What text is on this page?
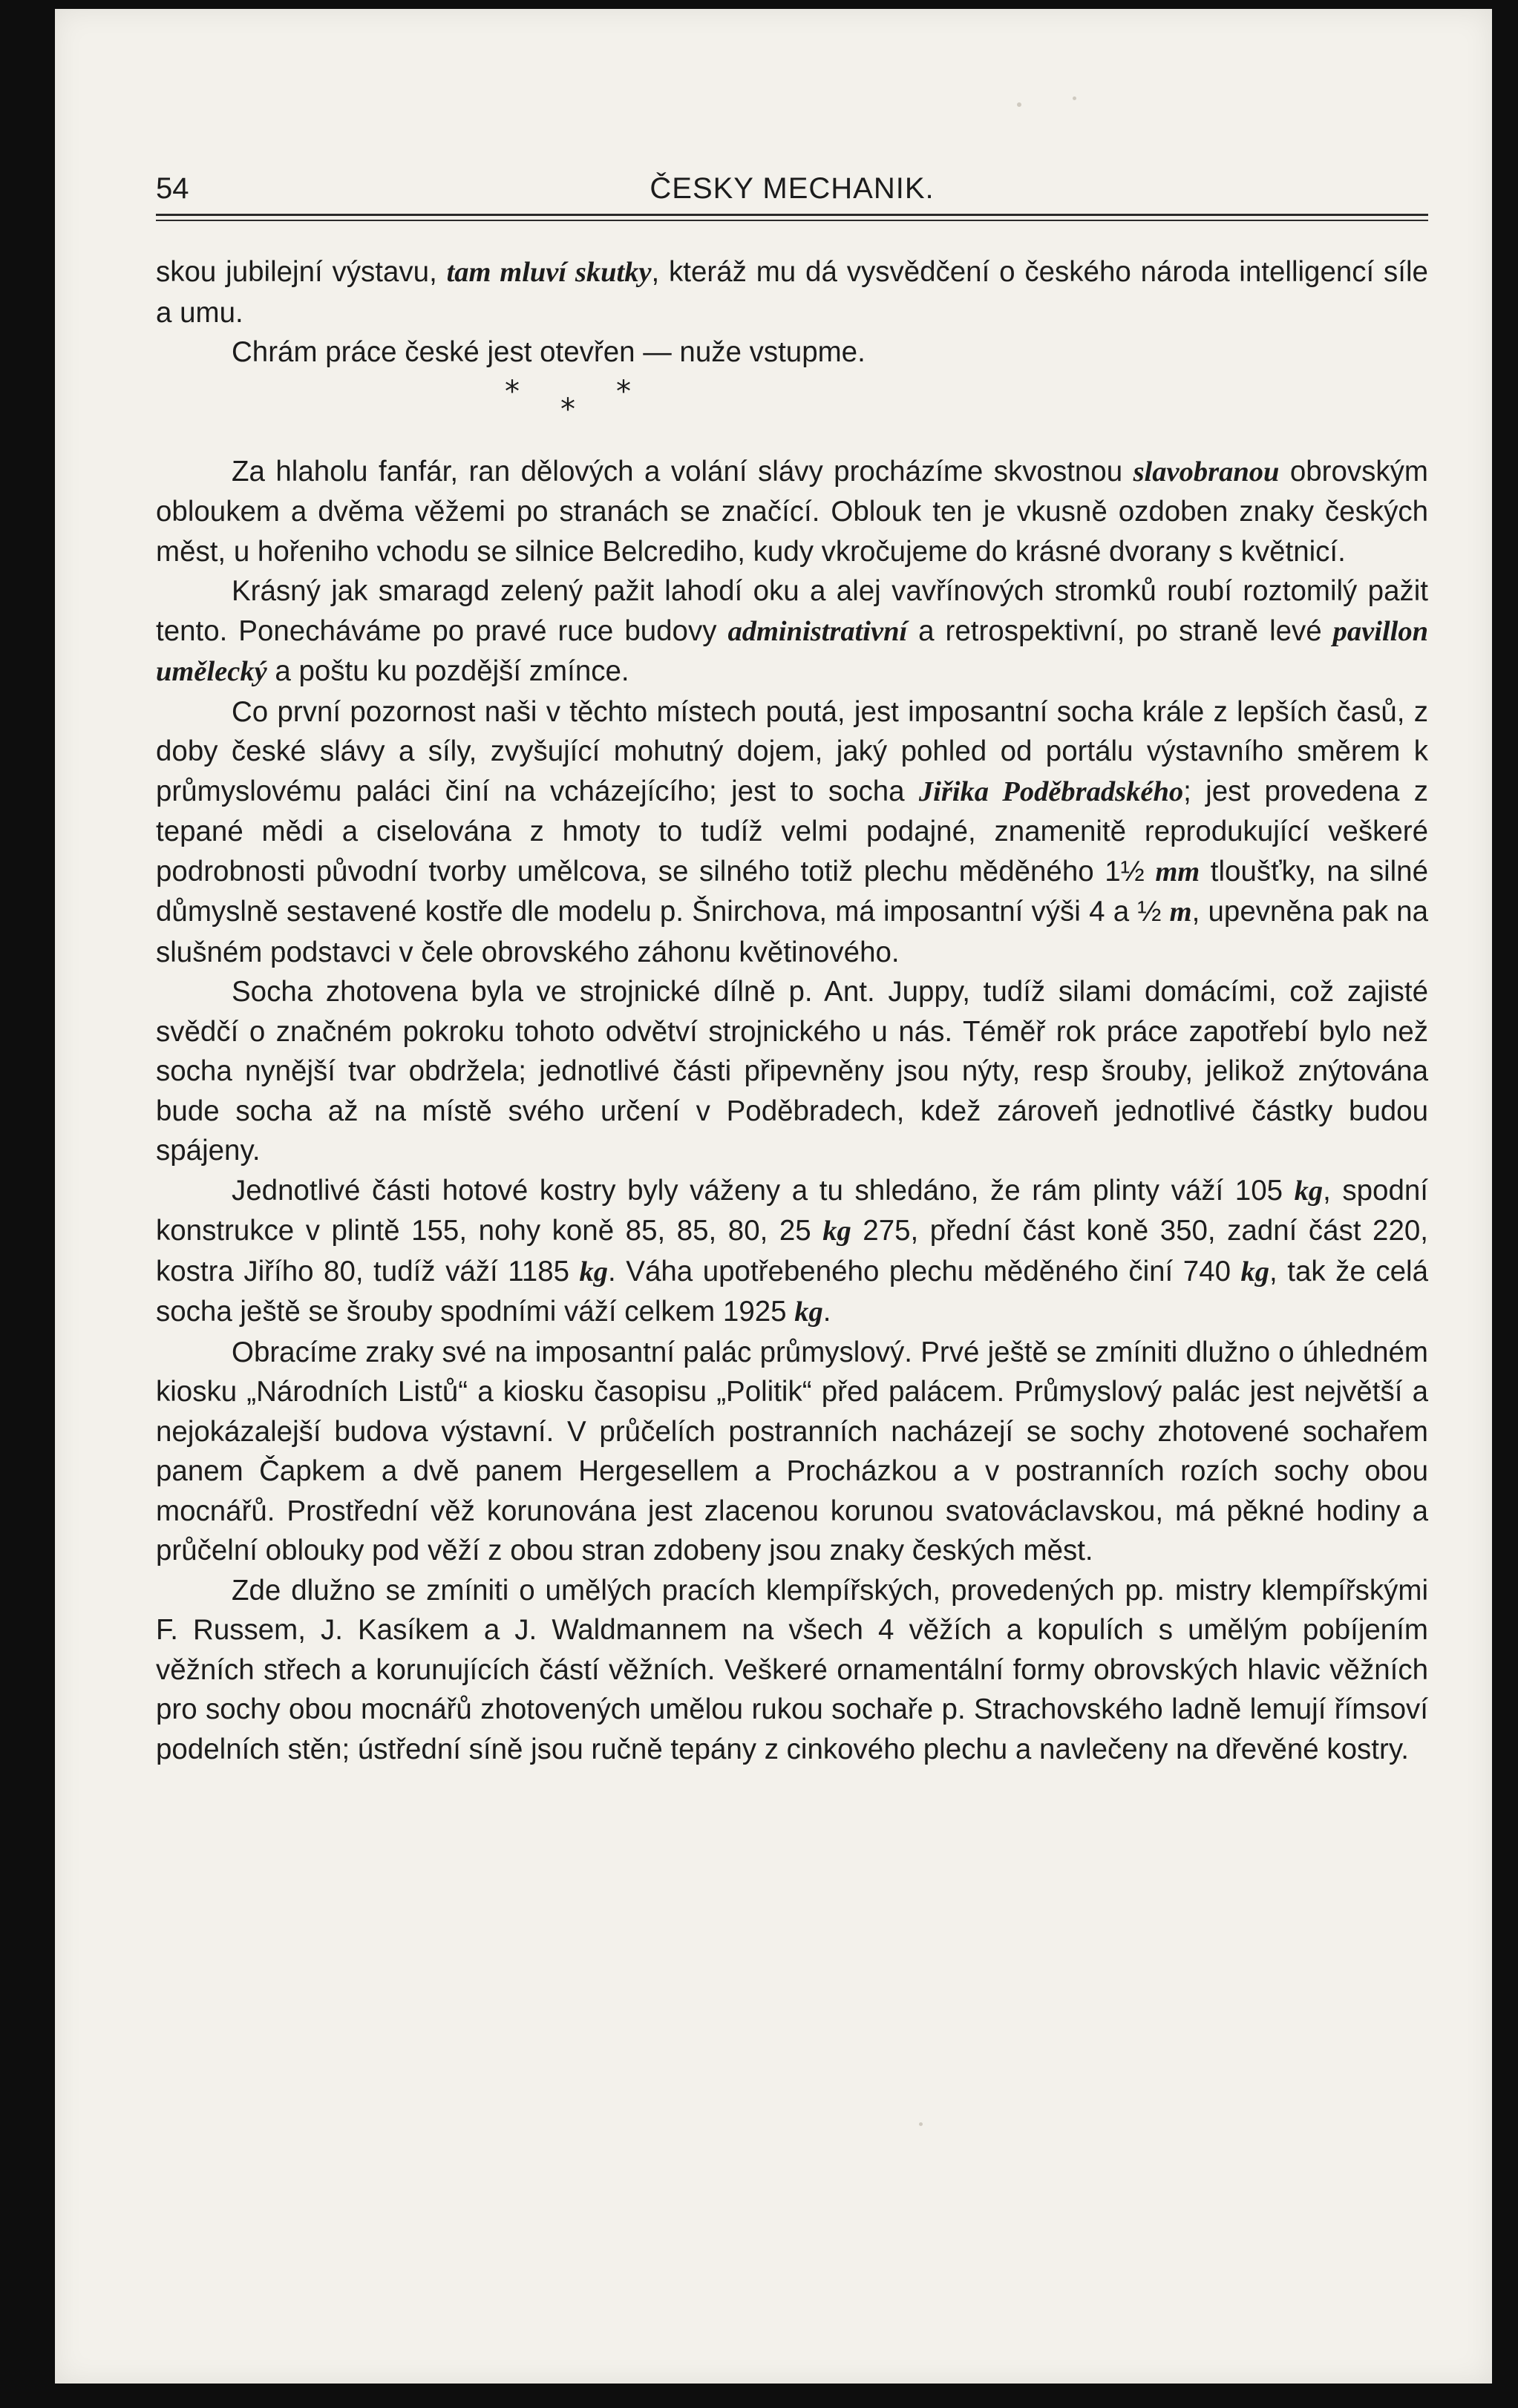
54	ČESKY MECHANIK.

skou jubilejní výstavu, tam mluví skutky, kteráž mu dá vysvědčení o českého národa intelligencí síle a umu.

Chrám práce české jest otevřen — nuže vstupme.

*
*
*

Za hlaholu fanfár, ran dělových a volání slávy procházíme skvostnou slavobranou obrovským obloukem a dvěma věžemi po stranách se značící. Oblouk ten je vkusně ozdoben znaky českých měst, u hořeniho vchodu se silnice Belcrediho, kudy vkročujeme do krásné dvorany s květnicí.

Krásný jak smaragd zelený pažit lahodí oku a alej vavřínových stromků roubí roztomilý pažit tento. Ponecháváme po pravé ruce budovy administrativní a retrospektivní, po straně levé pavillon umělecký a poštu ku pozdější zmínce.

Co první pozornost naši v těchto místech poutá, jest imposantní socha krále z lepších časů, z doby české slávy a síly, zvyšující mohutný dojem, jaký pohled od portálu výstavního směrem k průmyslovému paláci činí na vcházejícího; jest to socha Jiřika Poděbradského; jest provedena z tepané mědi a ciselována z hmoty to tudíž velmi podajné, znamenitě reprodukující veškeré podrobnosti původní tvorby umělcova, se silného totiž plechu měděného 1½ mm tloušťky, na silné důmyslně sestavené kostře dle modelu p. Šnirchova, má imposantní výši 4 a ½ m, upevněna pak na slušném podstavci v čele obrovského záhonu květinového.

Socha zhotovena byla ve strojnické dílně p. Ant. Juppy, tudíž silami domácími, což zajisté svědčí o značném pokroku tohoto odvětví strojnického u nás. Téměř rok práce zapotřebí bylo než socha nynější tvar obdržela; jednotlivé části připevněny jsou nýty, resp šrouby, jelikož znýtována bude socha až na místě svého určení v Poděbradech, kdež zároveň jednotlivé částky budou spájeny.

Jednotlivé části hotové kostry byly váženy a tu shledáno, že rám plinty váží 105 kg, spodní konstrukce v plintě 155, nohy koně 85, 85, 80, 25 kg 275, přední část koně 350, zadní část 220, kostra Jiřího 80, tudíž váží 1185 kg. Váha upotřebeného plechu měděného činí 740 kg, tak že celá socha ještě se šrouby spodními váží celkem 1925 kg.

Obracíme zraky své na imposantní palác průmyslový. Prvé ještě se zmíniti dlužno o úhledném kiosku „Národních Listů“ a kiosku časopisu „Politik“ před palácem. Průmyslový palác jest největší a nejokázalejší budova výstavní. V průčelích postranních nacházejí se sochy zhotovené sochařem panem Čapkem a dvě panem Hergesellem a Procházkou a v postranních rozích sochy obou mocnářů. Prostřední věž korunována jest zlacenou korunou svatováclavskou, má pěkné hodiny a průčelní oblouky pod věží z obou stran zdobeny jsou znaky českých měst.

Zde dlužno se zmíniti o umělých pracích klempířských, provedených pp. mistry klempířskými F. Russem, J. Kasíkem a J. Waldmannem na všech 4 věžích a kopulích s umělým pobíjením věžních střech a korunujících částí věžních. Veškeré ornamentální formy obrovských hlavic věžních pro sochy obou mocnářů zhotovených umělou rukou sochaře p. Strachovského ladně lemují římsoví podelních stěn; ústřední síně jsou ručně tepány z cinkového plechu a navlečeny na dřevěné kostry.
